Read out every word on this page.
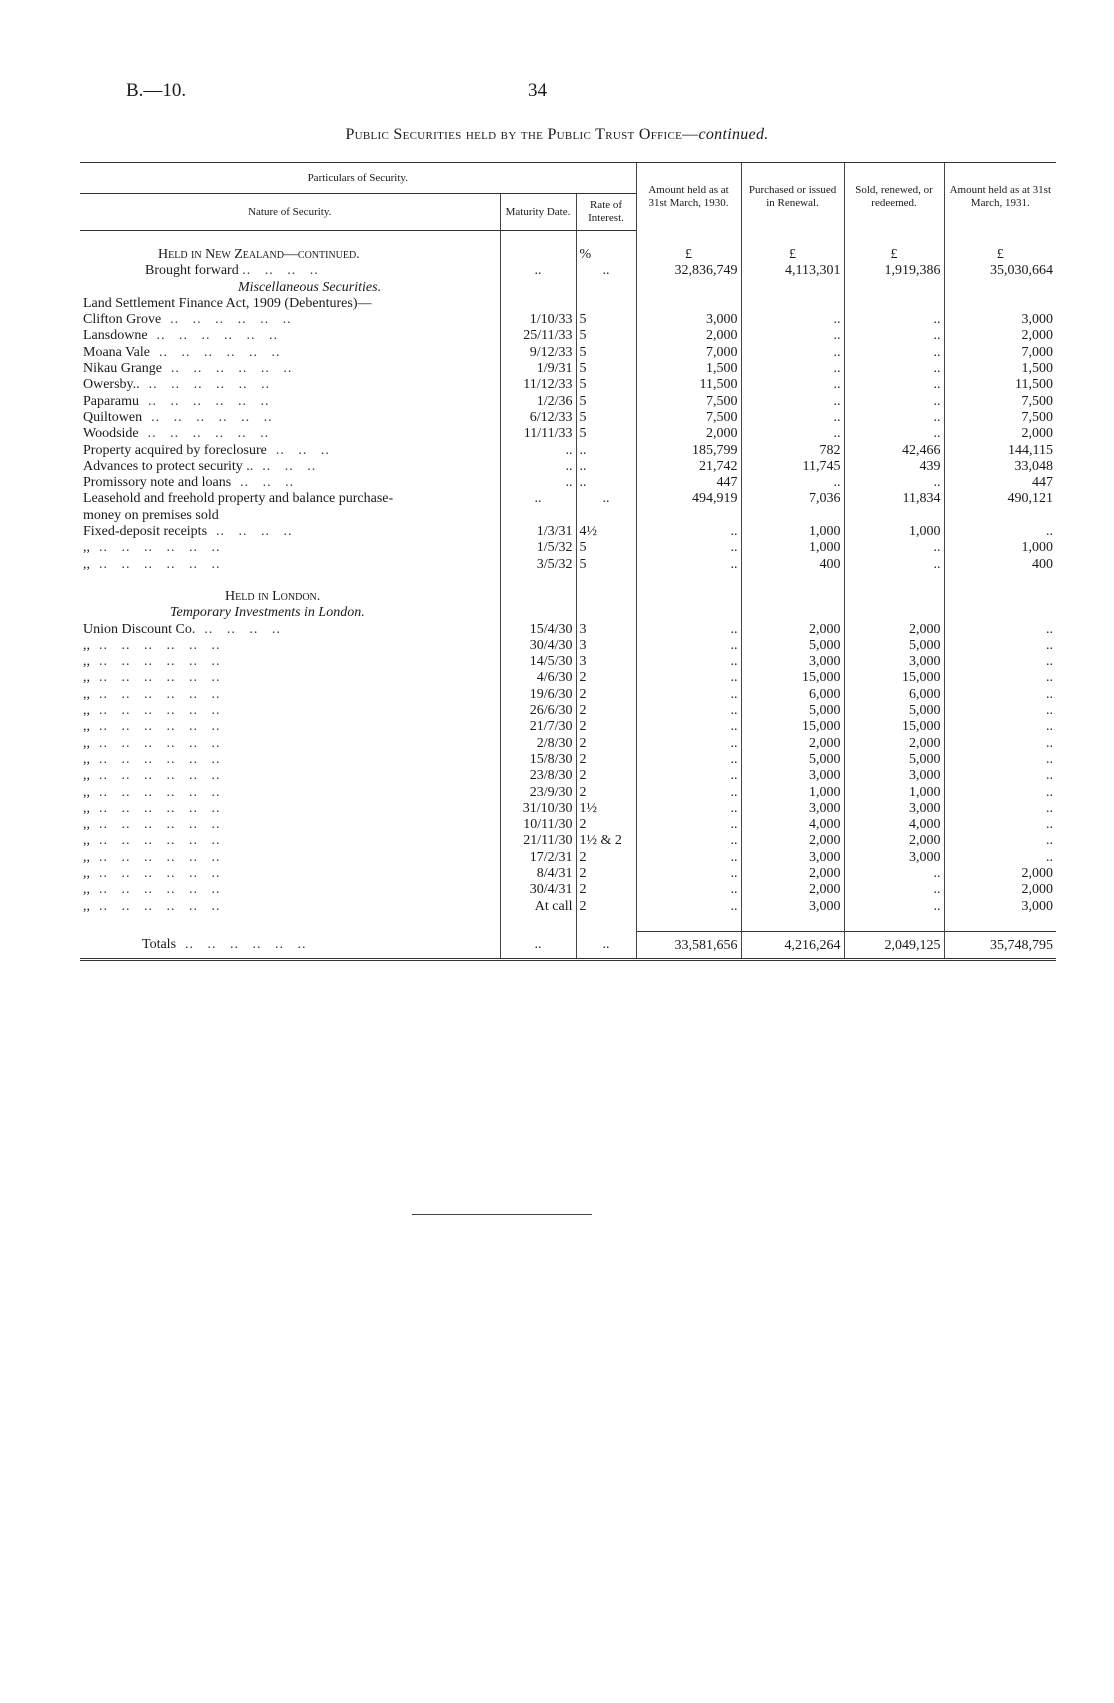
B.—10.	34
Public Securities held by the Public Trust Office—continued.
Particulars of Security.			Amount held as at 31st March, 1930.	Purchased or issued in Renewal.	Sold, renewed, or redeemed.	Amount held as at 31st March, 1931.
Nature of Security.	Maturity Date.	Rate of Interest.				

Held in New Zealand—continued.		%	£	£	£	£
Brought forward ..   ..   ..   ..	..	..	32,836,749	4,113,301	1,919,386	35,030,664
Miscellaneous Securities.						
Land Settlement Finance Act, 1909 (Debentures)—						
Clifton Grove  ..   ..   ..   ..   ..   ..	1/10/33	5	3,000	..	..	3,000
Lansdowne  ..   ..   ..   ..   ..   ..	25/11/33	5	2,000	..	..	2,000
Moana Vale  ..   ..   ..   ..   ..   ..	9/12/33	5	7,000	..	..	7,000
Nikau Grange  ..   ..   ..   ..   ..   ..	1/9/31	5	1,500	..	..	1,500
Owersby..  ..   ..   ..   ..   ..   ..	11/12/33	5	11,500	..	..	11,500
Paparamu  ..   ..   ..   ..   ..   ..	1/2/36	5	7,500	..	..	7,500
Quiltowen  ..   ..   ..   ..   ..   ..	6/12/33	5	7,500	..	..	7,500
Woodside  ..   ..   ..   ..   ..   ..	11/11/33	5	2,000	..	..	2,000
Property acquired by foreclosure  ..   ..   ..	..	..	185,799	782	42,466	144,115
Advances to protect security ..  ..   ..   ..	..	..	21,742	11,745	439	33,048
Promissory note and loans  ..   ..   ..	..	..	447	..	..	447

Leasehold and freehold property and balance purchase-
money on premises sold	..	..	494,919	7,036	11,834	490,121
Fixed-deposit receipts  ..   ..   ..   ..	1/3/31	4½	..	1,000	1,000	..
,,  ..   ..   ..   ..   ..   ..	1/5/32	5	..	1,000	..	1,000
,,  ..   ..   ..   ..   ..   ..	3/5/32	5	..	400	..	400

Held in London.						
Temporary Investments in London.						
Union Discount Co.  ..   ..   ..   ..	15/4/30	3	..	2,000	2,000	..
,,  ..   ..   ..   ..   ..   ..	30/4/30	3	..	5,000	5,000	..
,,  ..   ..   ..   ..   ..   ..	14/5/30	3	..	3,000	3,000	..
,,  ..   ..   ..   ..   ..   ..	4/6/30	2	..	15,000	15,000	..
,,  ..   ..   ..   ..   ..   ..	19/6/30	2	..	6,000	6,000	..
,,  ..   ..   ..   ..   ..   ..	26/6/30	2	..	5,000	5,000	..
,,  ..   ..   ..   ..   ..   ..	21/7/30	2	..	15,000	15,000	..
,,  ..   ..   ..   ..   ..   ..	2/8/30	2	..	2,000	2,000	..
,,  ..   ..   ..   ..   ..   ..	15/8/30	2	..	5,000	5,000	..
,,  ..   ..   ..   ..   ..   ..	23/8/30	2	..	3,000	3,000	..
,,  ..   ..   ..   ..   ..   ..	23/9/30	2	..	1,000	1,000	..
,,  ..   ..   ..   ..   ..   ..	31/10/30	1½	..	3,000	3,000	..
,,  ..   ..   ..   ..   ..   ..	10/11/30	2	..	4,000	4,000	..
,,  ..   ..   ..   ..   ..   ..	21/11/30	1½ & 2	..	2,000	2,000	..
,,  ..   ..   ..   ..   ..   ..	17/2/31	2	..	3,000	3,000	..
,,  ..   ..   ..   ..   ..   ..	8/4/31	2	..	2,000	..	2,000
,,  ..   ..   ..   ..   ..   ..	30/4/31	2	..	2,000	..	2,000
,,  ..   ..   ..   ..   ..   ..	At call	2	..	3,000	..	3,000

Totals  ..   ..   ..   ..   ..   ..	..	..	33,581,656	4,216,264	2,049,125	35,748,795
